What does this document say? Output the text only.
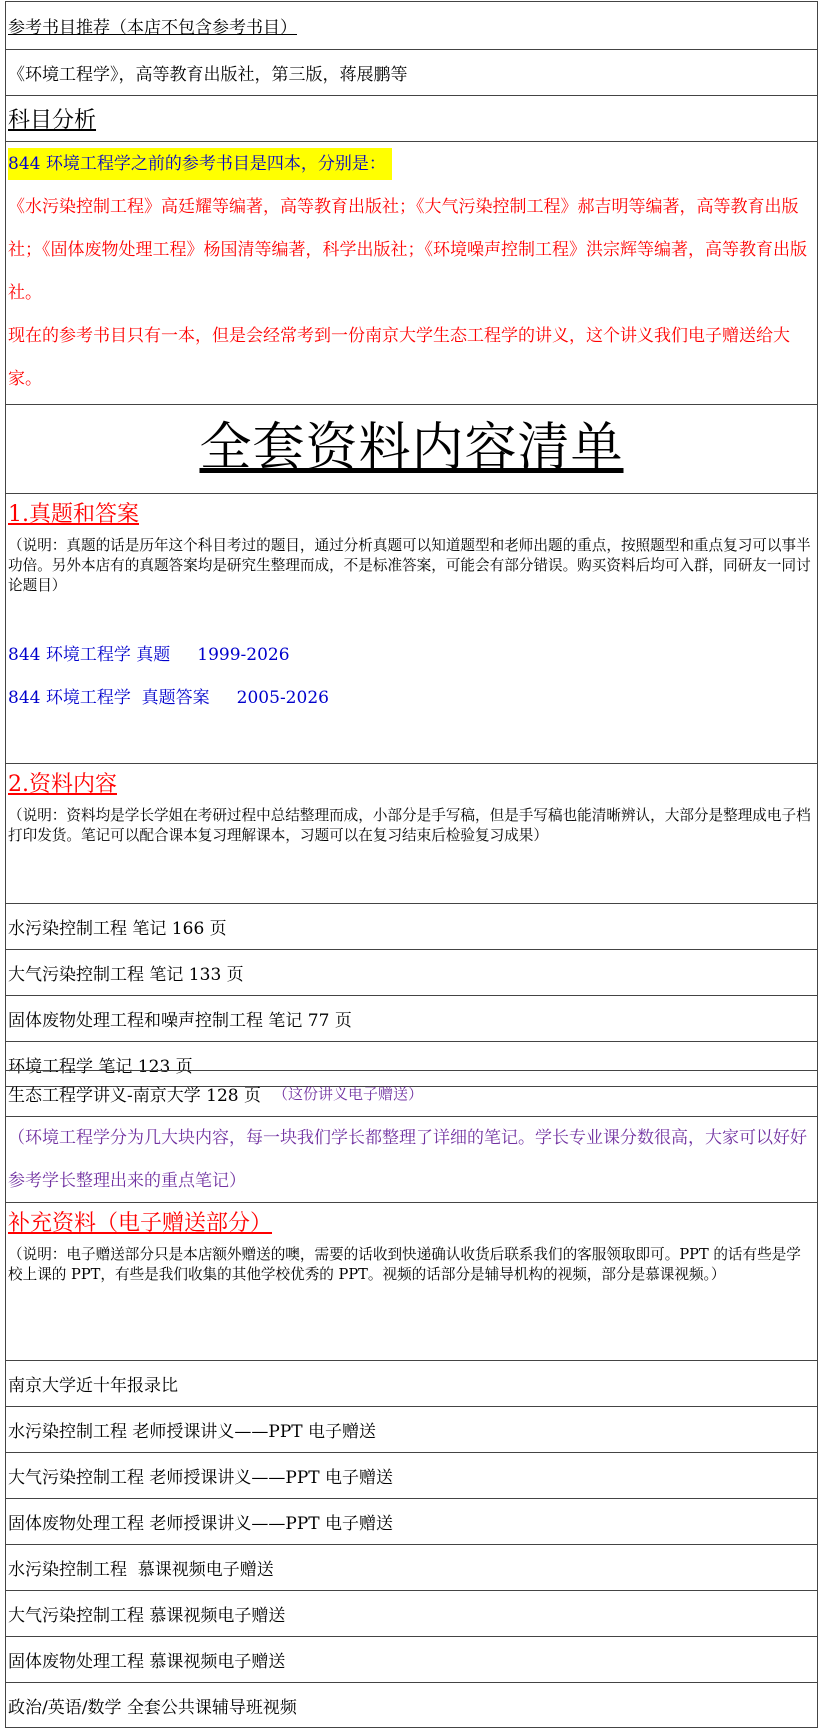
参考书目推荐（本店不包含参考书目）
《环境工程学》，高等教育出版社，第三版，蒋展鹏等
科目分析
844 环境工程学之前的参考书目是四本，分别是：
《水污染控制工程》高廷耀等编著，高等教育出版社；《大气污染控制工程》郝吉明等编著，高等教育出版社；《固体废物处理工程》杨国清等编著，科学出版社；《环境噪声控制工程》洪宗辉等编著，高等教育出版社。
现在的参考书目只有一本，但是会经常考到一份南京大学生态工程学的讲义，这个讲义我们电子赠送给大家。
全套资料内容清单
1.真题和答案
（说明：真题的话是历年这个科目考过的题目，通过分析真题可以知道题型和老师出题的重点，按照题型和重点复习可以事半功倍。另外本店有的真题答案均是研究生整理而成，不是标准答案，可能会有部分错误。购买资料后均可入群，同研友一同讨论题目）
844 环境工程学 真题     1999-2026
844 环境工程学  真题答案     2005-2026
2.资料内容
（说明：资料均是学长学姐在考研过程中总结整理而成，小部分是手写稿，但是手写稿也能清晰辨认，大部分是整理成电子档打印发货。笔记可以配合课本复习理解课本，习题可以在复习结束后检验复习成果）
水污染控制工程 笔记 166 页
大气污染控制工程 笔记 133 页
固体废物处理工程和噪声控制工程 笔记 77 页
环境工程学 笔记 123 页
生态工程学讲义-南京大学 128 页 （这份讲义电子赠送）
（环境工程学分为几大块内容，每一块我们学长都整理了详细的笔记。学长专业课分数很高，大家可以好好参考学长整理出来的重点笔记）
补充资料（电子赠送部分）
（说明：电子赠送部分只是本店额外赠送的噢，需要的话收到快递确认收货后联系我们的客服领取即可。PPT 的话有些是学校上课的 PPT，有些是我们收集的其他学校优秀的 PPT。视频的话部分是辅导机构的视频，部分是慕课视频。）
南京大学近十年报录比
水污染控制工程 老师授课讲义——PPT 电子赠送
大气污染控制工程 老师授课讲义——PPT 电子赠送
固体废物处理工程 老师授课讲义——PPT 电子赠送
水污染控制工程  慕课视频电子赠送
大气污染控制工程 慕课视频电子赠送
固体废物处理工程 慕课视频电子赠送
政治/英语/数学 全套公共课辅导班视频
